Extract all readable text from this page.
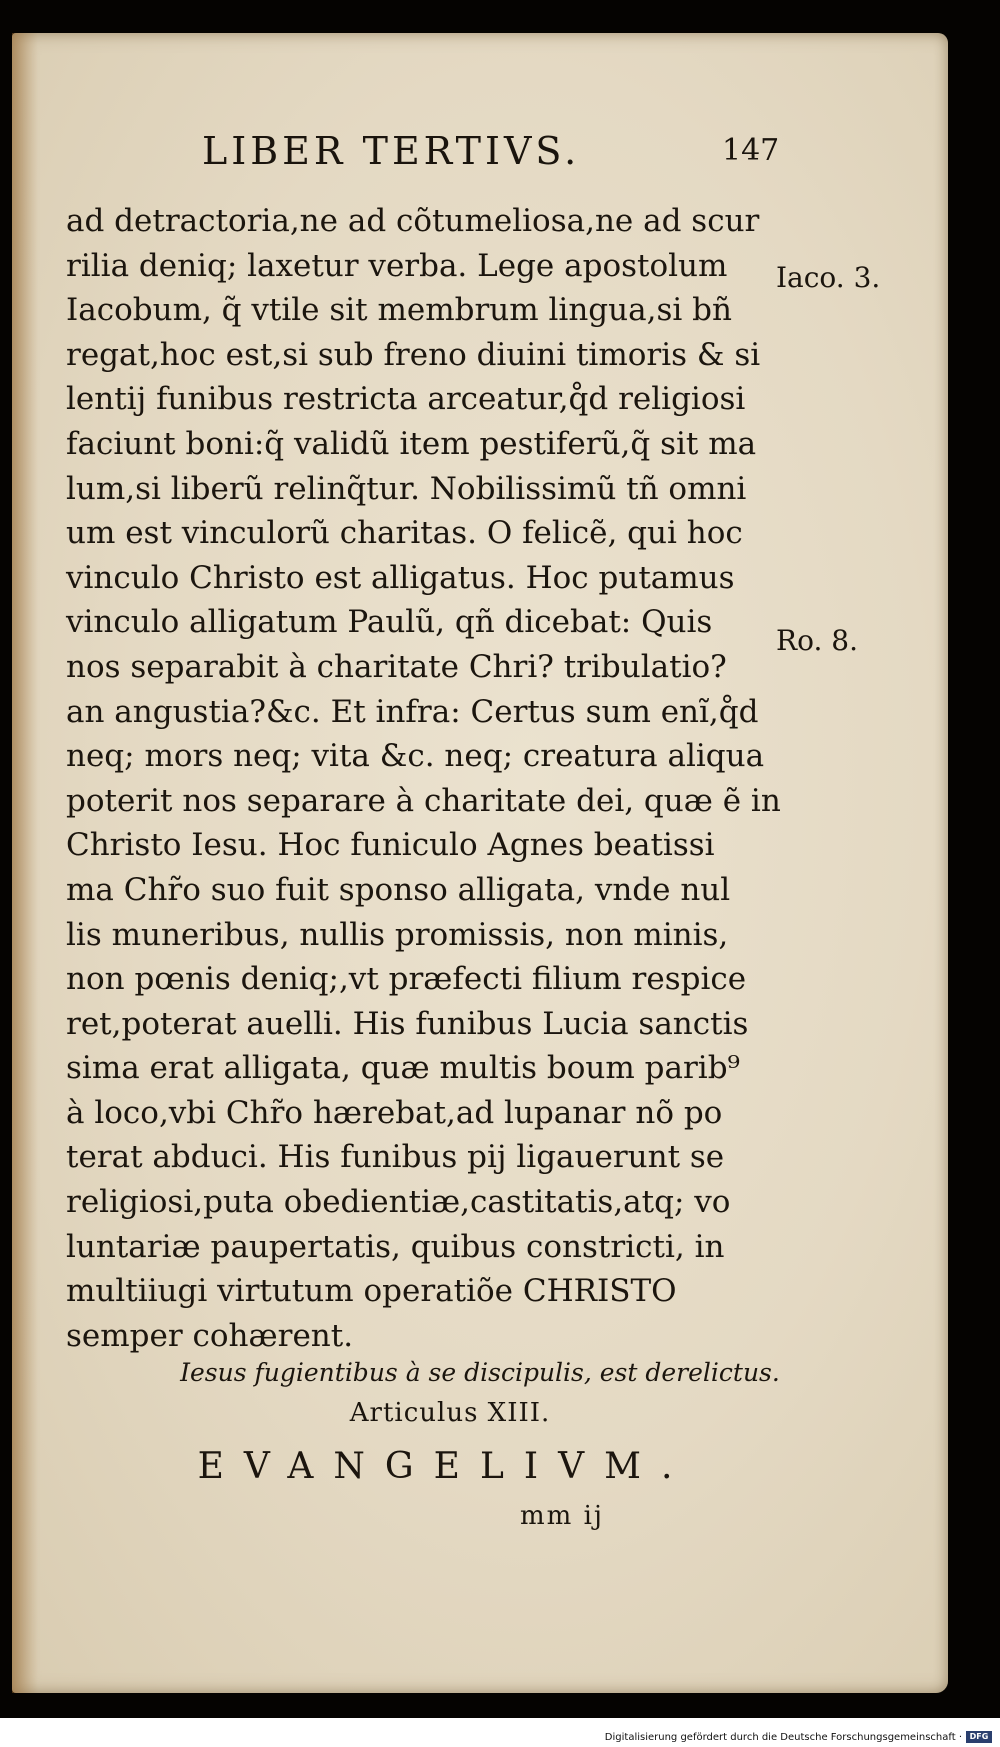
LIBER TERTIVS.	147
ad detractoria,ne ad cõtumeliosa,ne ad scur
rilia deniq; laxetur verba. Lege apostolum
Iacobum, q̃ vtile sit membrum lingua,si bñ
regat,hoc est,si sub freno diuini timoris & si
lentij funibus restricta arceatur,q̊d religiosi
faciunt boni:q̃ validũ item pestiferũ,q̃ sit ma
lum,si liberũ relinq̃tur. Nobilissimũ tñ omni
um est vinculorũ charitas. O felicẽ, qui hoc
vinculo Christo est alligatus. Hoc putamus
vinculo alligatum Paulũ, qñ dicebat: Quis
nos separabit à charitate Chri? tribulatio?
an angustia?&c. Et infra: Certus sum enĩ,q̊d
neq; mors neq; vita &c. neq; creatura aliqua
poterit nos separare à charitate dei, quæ ẽ in
Christo Iesu. Hoc funiculo Agnes beatissi
ma Chr̃o suo fuit sponso alligata, vnde nul
lis muneribus, nullis promissis, non minis,
non pœnis deniq;,vt præfecti filium respice
ret,poterat auelli. His funibus Lucia sanctis
sima erat alligata, quæ multis boum parib⁹
à loco,vbi Chr̃o hærebat,ad lupanar nõ po
terat abduci. His funibus pij ligauerunt se
religiosi,puta obedientiæ,castitatis,atq; vo
luntariæ paupertatis, quibus constricti, in
multiiugi virtutum operatiõe CHRISTO
semper cohærent.
Iaco. 3.
Ro. 8.
Iesus fugientibus à se discipulis, est derelictus.
Articulus XIII.
EVANGELIVM.
mm ij
Digitalisierung gefördert durch die Deutsche Forschungsgemeinschaft · DFG
